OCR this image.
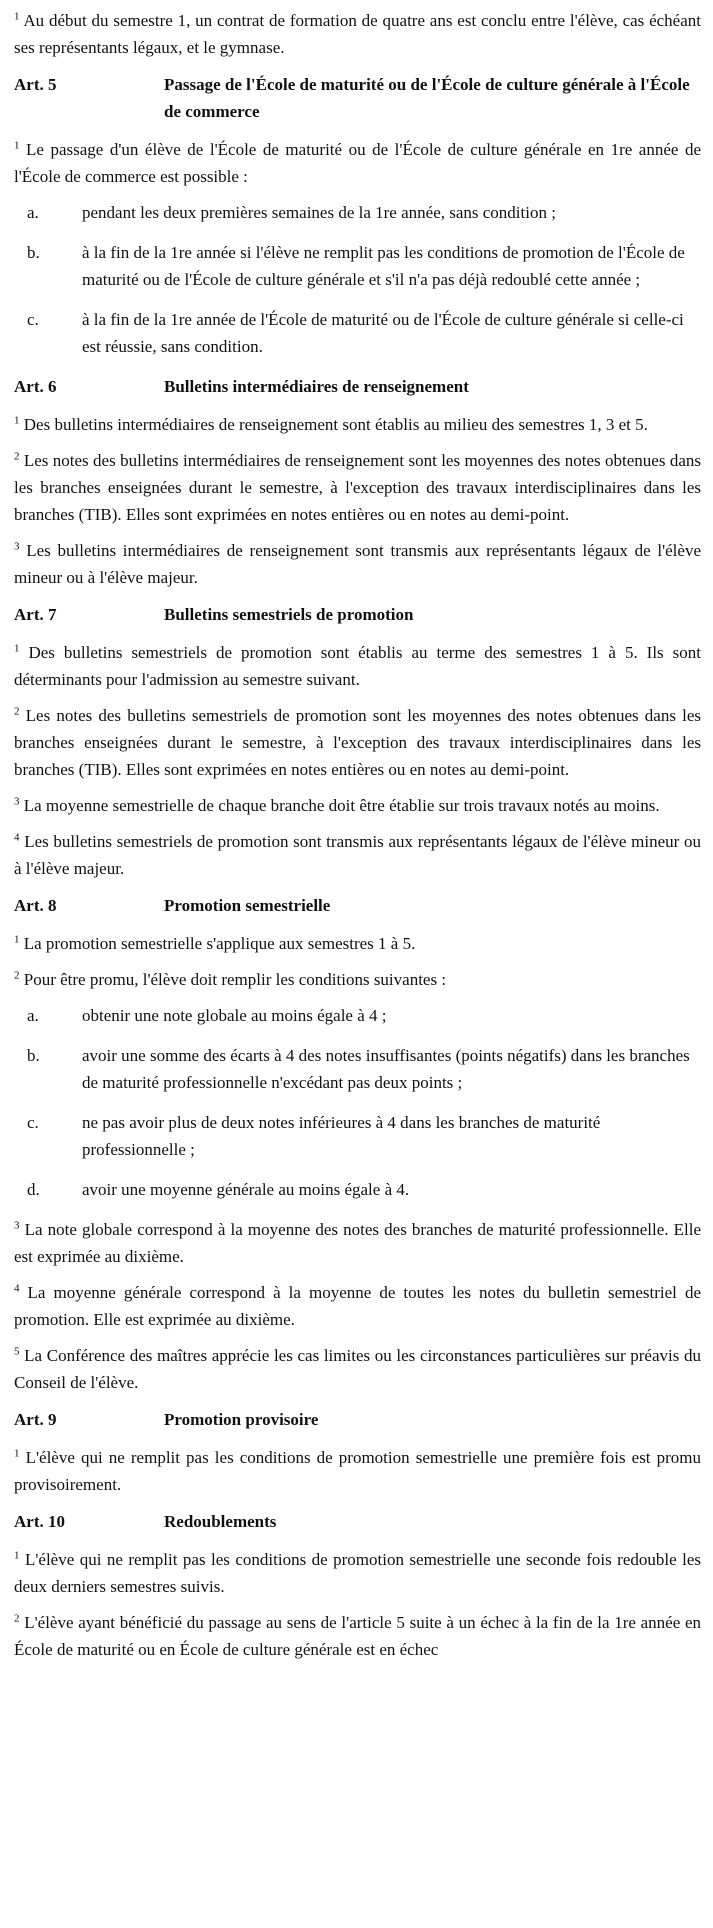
$^1$ Au début du semestre 1, un contrat de formation de quatre ans est conclu entre l'élève, cas échéant ses représentants légaux, et le gymnase.

Art. 5	Passage de l'École de maturité ou de l'École de culture générale à l'École de commerce

$^1$ Le passage d'un élève de l'École de maturité ou de l'École de culture générale en 1re année de l'École de commerce est possible :

a.	pendant les deux premières semaines de la 1re année, sans condition ;
b.	à la fin de la 1re année si l'élève ne remplit pas les conditions de promotion de l'École de maturité ou de l'École de culture générale et s'il n'a pas déjà redoublé cette année ;
c.	à la fin de la 1re année de l'École de maturité ou de l'École de culture générale si celle-ci est réussie, sans condition.
Art. 6	Bulletins intermédiaires de renseignement

$^1$ Des bulletins intermédiaires de renseignement sont établis au milieu des semestres 1, 3 et 5.

$^2$ Les notes des bulletins intermédiaires de renseignement sont les moyennes des notes obtenues dans les branches enseignées durant le semestre, à l'exception des travaux interdisciplinaires dans les branches (TIB). Elles sont exprimées en notes entières ou en notes au demi-point.

$^3$ Les bulletins intermédiaires de renseignement sont transmis aux représentants légaux de l'élève mineur ou à l'élève majeur.

Art. 7	Bulletins semestriels de promotion

$^1$ Des bulletins semestriels de promotion sont établis au terme des semestres 1 à 5. Ils sont déterminants pour l'admission au semestre suivant.

$^2$ Les notes des bulletins semestriels de promotion sont les moyennes des notes obtenues dans les branches enseignées durant le semestre, à l'exception des travaux interdisciplinaires dans les branches (TIB). Elles sont exprimées en notes entières ou en notes au demi-point.

$^3$ La moyenne semestrielle de chaque branche doit être établie sur trois travaux notés au moins.

$^4$ Les bulletins semestriels de promotion sont transmis aux représentants légaux de l'élève mineur ou à l'élève majeur.

Art. 8	Promotion semestrielle

$^1$ La promotion semestrielle s'applique aux semestres 1 à 5.

$^2$ Pour être promu, l'élève doit remplir les conditions suivantes :

a.	obtenir une note globale au moins égale à 4 ;
b.	avoir une somme des écarts à 4 des notes insuffisantes (points négatifs) dans les branches de maturité professionnelle n'excédant pas deux points ;
c.	ne pas avoir plus de deux notes inférieures à 4 dans les branches de maturité professionnelle ;
d.	avoir une moyenne générale au moins égale à 4.

$^3$ La note globale correspond à la moyenne des notes des branches de maturité professionnelle. Elle est exprimée au dixième.

$^4$ La moyenne générale correspond à la moyenne de toutes les notes du bulletin semestriel de promotion. Elle est exprimée au dixième.

$^5$ La Conférence des maîtres apprécie les cas limites ou les circonstances particulières sur préavis du Conseil de l'élève.

Art. 9	Promotion provisoire

$^1$ L'élève qui ne remplit pas les conditions de promotion semestrielle une première fois est promu provisoirement.

Art. 10	Redoublements

$^1$ L'élève qui ne remplit pas les conditions de promotion semestrielle une seconde fois redouble les deux derniers semestres suivis.

$^2$ L'élève ayant bénéficié du passage au sens de l'article 5 suite à un échec à la fin de la 1re année en École de maturité ou en École de culture générale est en échec
